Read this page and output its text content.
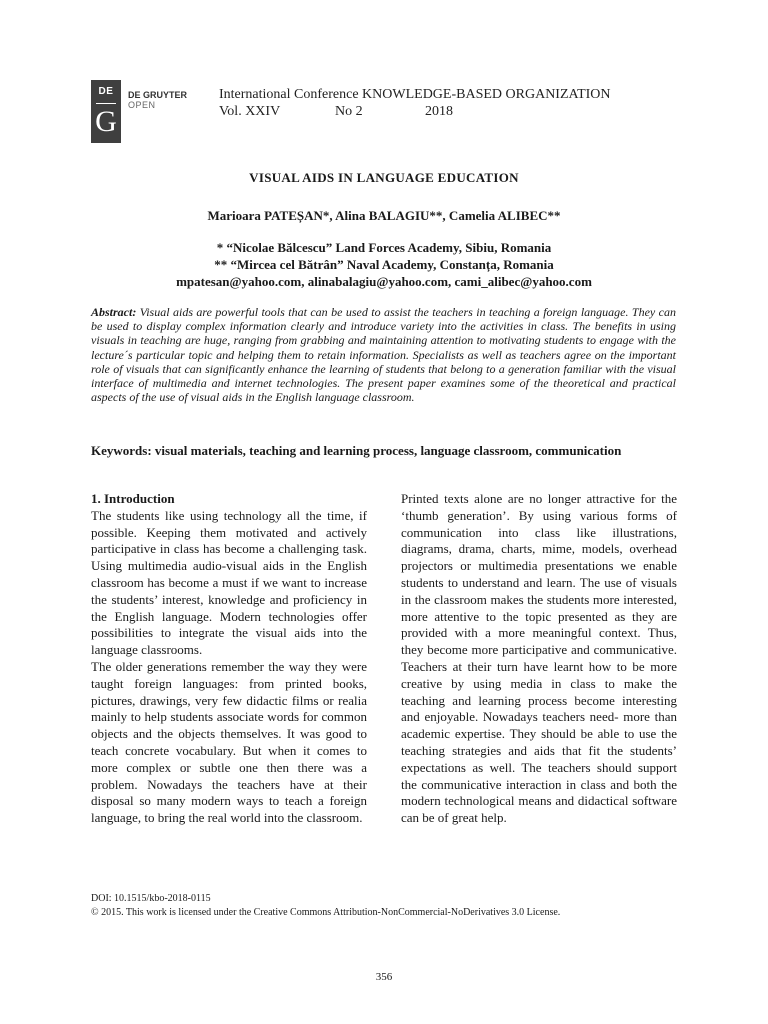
DE
G
DE GRUYTER
OPEN
International Conference KNOWLEDGE-BASED ORGANIZATION
Vol. XXIV	No 2	2018
VISUAL AIDS IN LANGUAGE EDUCATION
Marioara PATEȘAN*, Alina BALAGIU**, Camelia ALIBEC**
* “Nicolae Bălcescu” Land Forces Academy, Sibiu, Romania
** “Mircea cel Bătrân” Naval Academy, Constanța, Romania
mpatesan@yahoo.com, alinabalagiu@yahoo.com, cami_alibec@yahoo.com
Abstract: Visual aids are powerful tools that can be used to assist the teachers in teaching a foreign language. They can be used to display complex information clearly and introduce variety into the activities in class. The benefits in using visuals in teaching are huge, ranging from grabbing and maintaining attention to motivating students to engage with the lecture´s particular topic and helping them to retain information. Specialists as well as teachers agree on the important role of visuals that can significantly enhance the learning of students that belong to a generation familiar with the visual interface of multimedia and internet technologies. The present paper examines some of the theoretical and practical aspects of the use of visual aids in the English language classroom.
Keywords: visual materials, teaching and learning process, language classroom, communication
1. Introduction

The students like using technology all the time, if possible. Keeping them motivated and actively participative in class has become a challenging task. Using multimedia audio-visual aids in the English classroom has become a must if we want to increase the students’ interest, knowledge and proficiency in the English language. Modern technologies offer possibilities to integrate the visual aids into the language classrooms.

The older generations remember the way they were taught foreign languages: from printed books, pictures, drawings, very few didactic films or realia mainly to help students associate words for common objects and the objects themselves. It was good to teach concrete vocabulary. But when it comes to more complex or subtle one then there was a problem. Nowadays the teachers have at their disposal so many modern ways to teach a foreign language, to bring the real world into the classroom.

Printed texts alone are no longer attractive for the ‘thumb generation’. By using various forms of communication into class like illustrations, diagrams, drama, charts, mime, models, overhead projectors or multimedia presentations we enable students to understand and learn. The use of visuals in the classroom makes the students more interested, more attentive to the topic presented as they are provided with a more meaningful context. Thus, they become more participative and communicative. Teachers at their turn have learnt how to be more creative by using media in class to make the teaching and learning process become interesting and enjoyable. Nowadays teachers need- more than academic expertise. They should be able to use the teaching strategies and aids that fit the students’ expectations as well. The teachers should support the communicative interaction in class and both the modern technological means and didactical software can be of great help.

DOI: 10.1515/kbo-2018-0115
© 2015. This work is licensed under the Creative Commons Attribution-NonCommercial-NoDerivatives 3.0 License.
356
